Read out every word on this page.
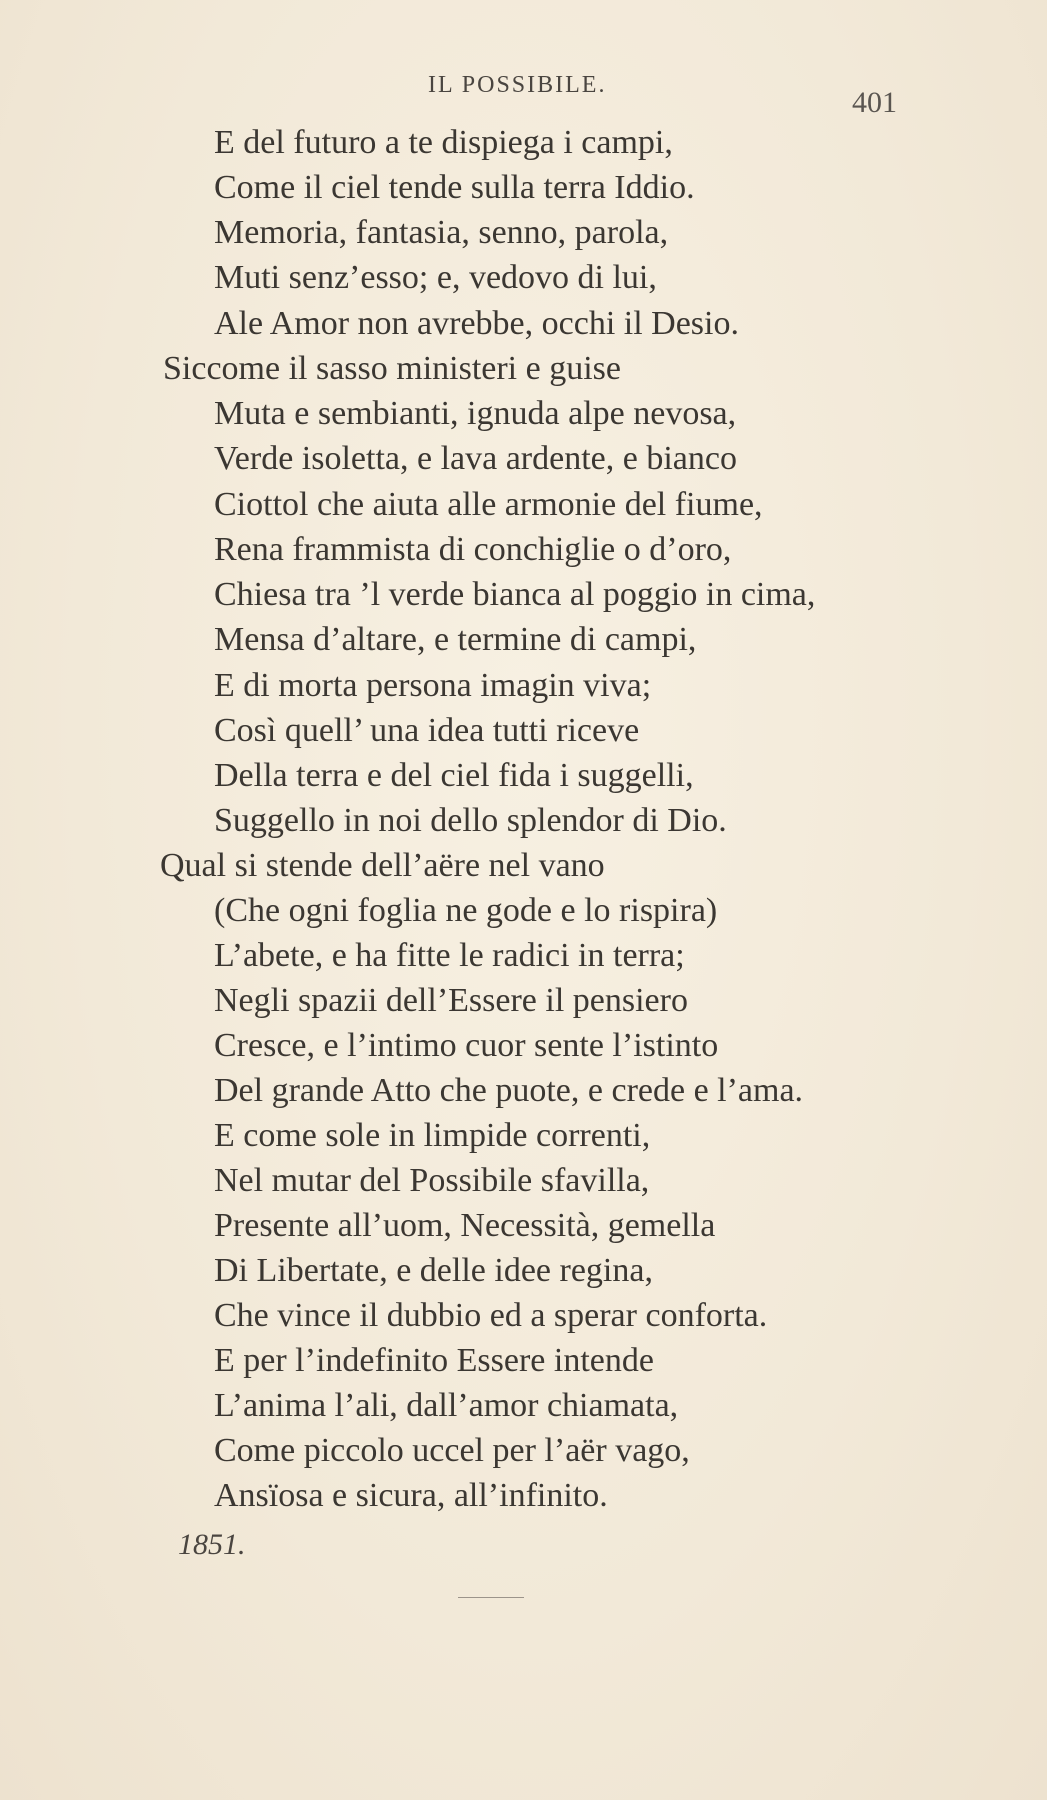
IL POSSIBILE.
401
E del futuro a te dispiega i campi,
Come il ciel tende sulla terra Iddio.
Memoria, fantasia, senno, parola,
Muti senz’esso; e, vedovo di lui,
Ale Amor non avrebbe, occhi il Desio.
Siccome il sasso ministeri e guise
Muta e sembianti, ignuda alpe nevosa,
Verde isoletta, e lava ardente, e bianco
Ciottol che aiuta alle armonie del fiume,
Rena frammista di conchiglie o d’oro,
Chiesa tra ’l verde bianca al poggio in cima,
Mensa d’altare, e termine di campi,
E di morta persona imagin viva;
Così quell’ una idea tutti riceve
Della terra e del ciel fida i suggelli,
Suggello in noi dello splendor di Dio.
Qual si stende dell’aëre nel vano
(Che ogni foglia ne gode e lo rispira)
L’abete, e ha fitte le radici in terra;
Negli spazii dell’Essere il pensiero
Cresce, e l’intimo cuor sente l’istinto
Del grande Atto che puote, e crede e l’ama.
E come sole in limpide correnti,
Nel mutar del Possibile sfavilla,
Presente all’uom, Necessità, gemella
Di Libertate, e delle idee regina,
Che vince il dubbio ed a sperar conforta.
E per l’indefinito Essere intende
L’anima l’ali, dall’amor chiamata,
Come piccolo uccel per l’aër vago,
Ansïosa e sicura, all’infinito.
1851.
